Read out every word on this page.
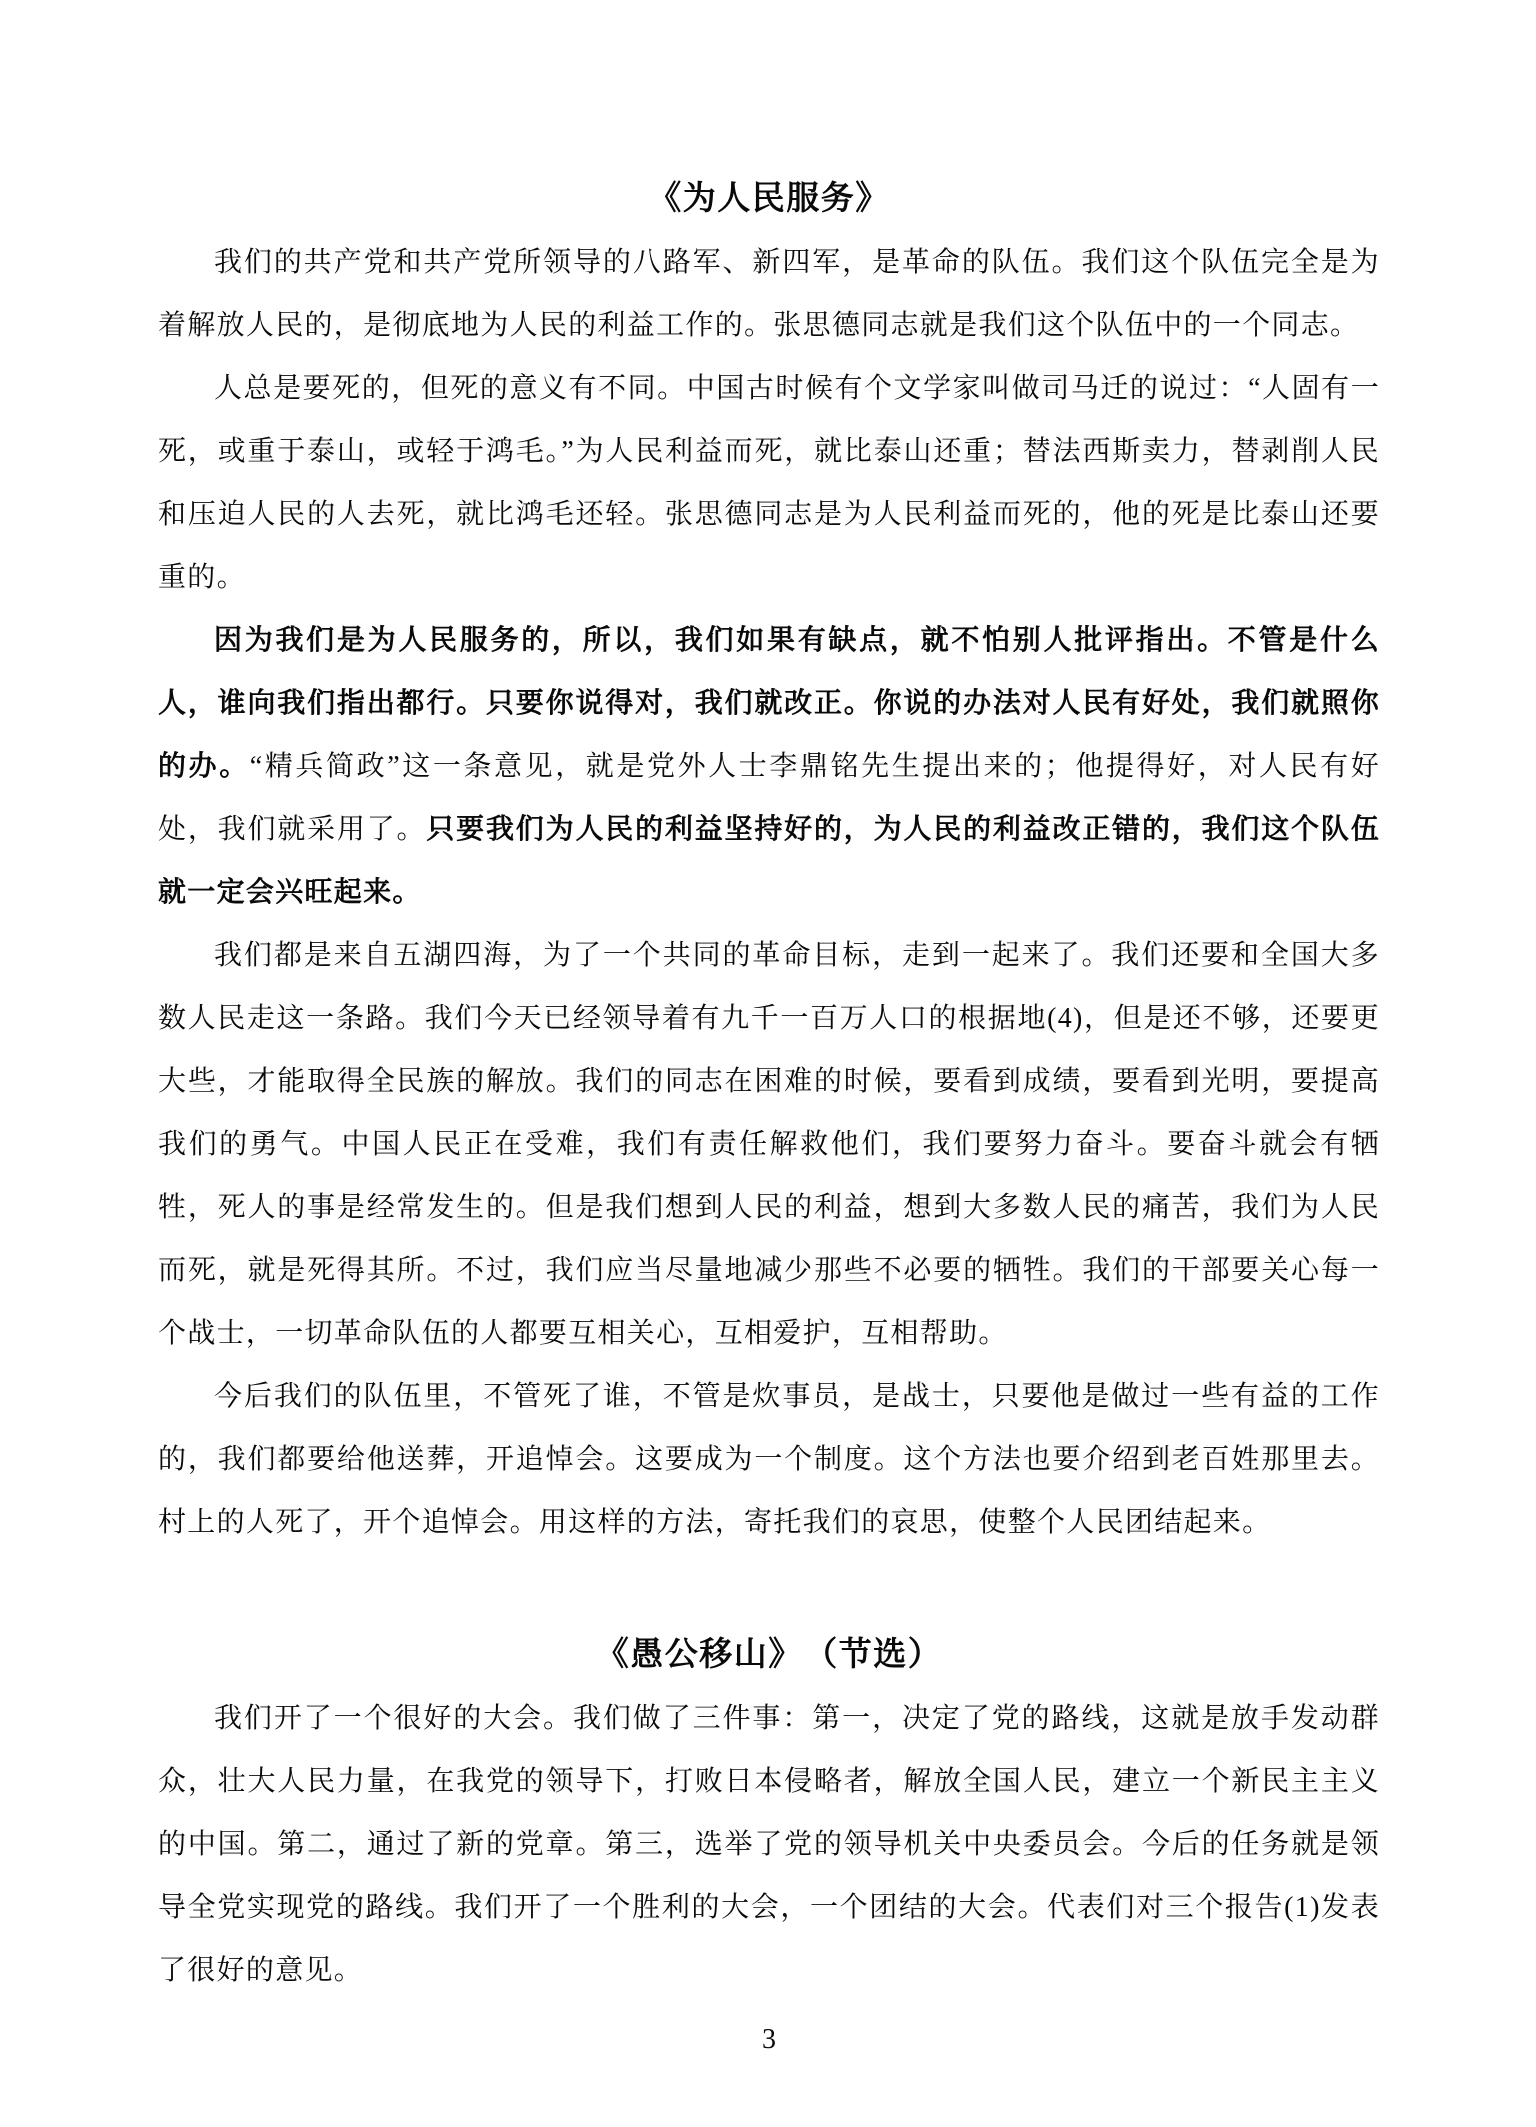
《为人民服务》

我们的共产党和共产党所领导的八路军、新四军，是革命的队伍。我们这个队伍完全是为着解放人民的，是彻底地为人民的利益工作的。张思德同志就是我们这个队伍中的一个同志。

人总是要死的，但死的意义有不同。中国古时候有个文学家叫做司马迁的说过：“人固有一死，或重于泰山，或轻于鸿毛。”为人民利益而死，就比泰山还重；替法西斯卖力，替剥削人民和压迫人民的人去死，就比鸿毛还轻。张思德同志是为人民利益而死的，他的死是比泰山还要重的。

因为我们是为人民服务的，所以，我们如果有缺点，就不怕别人批评指出。不管是什么人，谁向我们指出都行。只要你说得对，我们就改正。你说的办法对人民有好处，我们就照你的办。“精兵简政”这一条意见，就是党外人士李鼎铭先生提出来的；他提得好，对人民有好处，我们就采用了。只要我们为人民的利益坚持好的，为人民的利益改正错的，我们这个队伍就一定会兴旺起来。

我们都是来自五湖四海，为了一个共同的革命目标，走到一起来了。我们还要和全国大多数人民走这一条路。我们今天已经领导着有九千一百万人口的根据地(4)，但是还不够，还要更大些，才能取得全民族的解放。我们的同志在困难的时候，要看到成绩，要看到光明，要提高我们的勇气。中国人民正在受难，我们有责任解救他们，我们要努力奋斗。要奋斗就会有牺牲，死人的事是经常发生的。但是我们想到人民的利益，想到大多数人民的痛苦，我们为人民而死，就是死得其所。不过，我们应当尽量地减少那些不必要的牺牲。我们的干部要关心每一个战士，一切革命队伍的人都要互相关心，互相爱护，互相帮助。

今后我们的队伍里，不管死了谁，不管是炊事员，是战士，只要他是做过一些有益的工作的，我们都要给他送葬，开追悼会。这要成为一个制度。这个方法也要介绍到老百姓那里去。村上的人死了，开个追悼会。用这样的方法，寄托我们的哀思，使整个人民团结起来。

《愚公移山》　（节选）

我们开了一个很好的大会。我们做了三件事：第一，决定了党的路线，这就是放手发动群众，壮大人民力量，在我党的领导下，打败日本侵略者，解放全国人民，建立一个新民主主义的中国。第二，通过了新的党章。第三，选举了党的领导机关中央委员会。今后的任务就是领导全党实现党的路线。我们开了一个胜利的大会，一个团结的大会。代表们对三个报告(1)发表了很好的意见。

3
